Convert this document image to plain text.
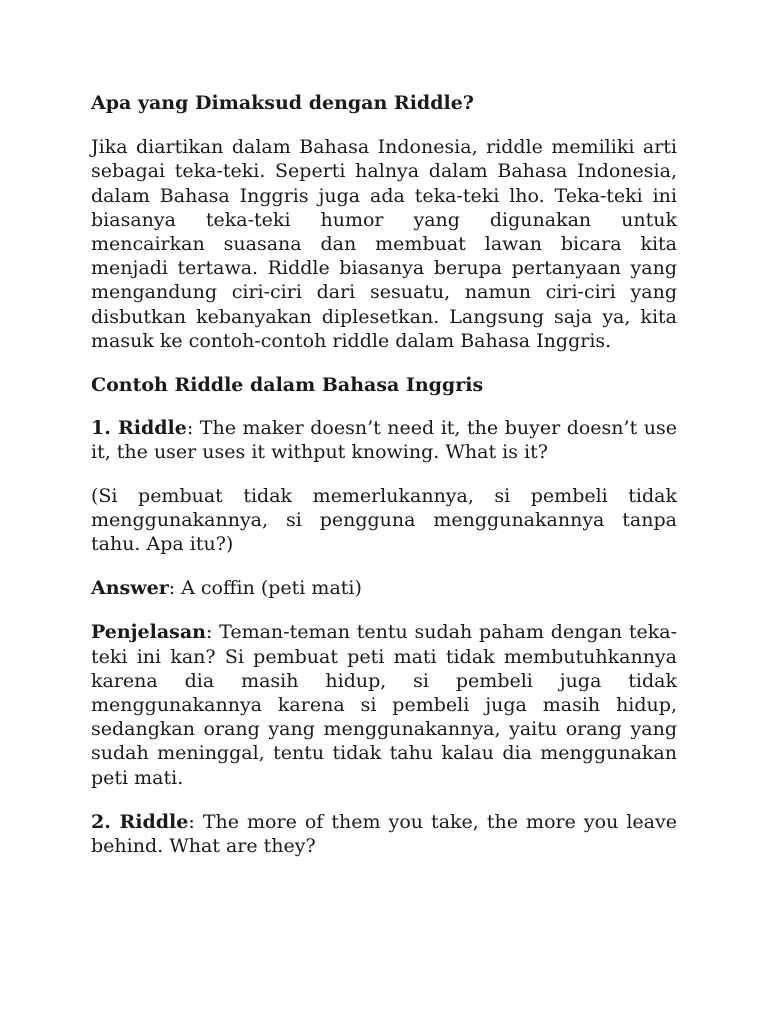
Apa yang Dimaksud dengan Riddle?

Jika diartikan dalam Bahasa Indonesia, riddle memiliki arti sebagai teka-teki. Seperti halnya dalam Bahasa Indonesia, dalam Bahasa Inggris juga ada teka-teki lho. Teka-teki ini biasanya teka-teki humor yang digunakan untuk mencairkan suasana dan membuat lawan bicara kita menjadi tertawa. Riddle biasanya berupa pertanyaan yang mengandung ciri-ciri dari sesuatu, namun ciri-ciri yang disbutkan kebanyakan diplesetkan. Langsung saja ya, kita masuk ke contoh-contoh riddle dalam Bahasa Inggris.

Contoh Riddle dalam Bahasa Inggris

1. Riddle: The maker doesn’t need it, the buyer doesn’t use it, the user uses it withput knowing. What is it?

(Si pembuat tidak memerlukannya, si pembeli tidak menggunakannya, si pengguna menggunakannya tanpa tahu. Apa itu?)

Answer: A coffin (peti mati)

Penjelasan: Teman-teman tentu sudah paham dengan teka-teki ini kan? Si pembuat peti mati tidak membutuhkannya karena dia masih hidup, si pembeli juga tidak menggunakannya karena si pembeli juga masih hidup, sedangkan orang yang menggunakannya, yaitu orang yang sudah meninggal, tentu tidak tahu kalau dia menggunakan peti mati.

2. Riddle: The more of them you take, the more you leave behind. What are they?
